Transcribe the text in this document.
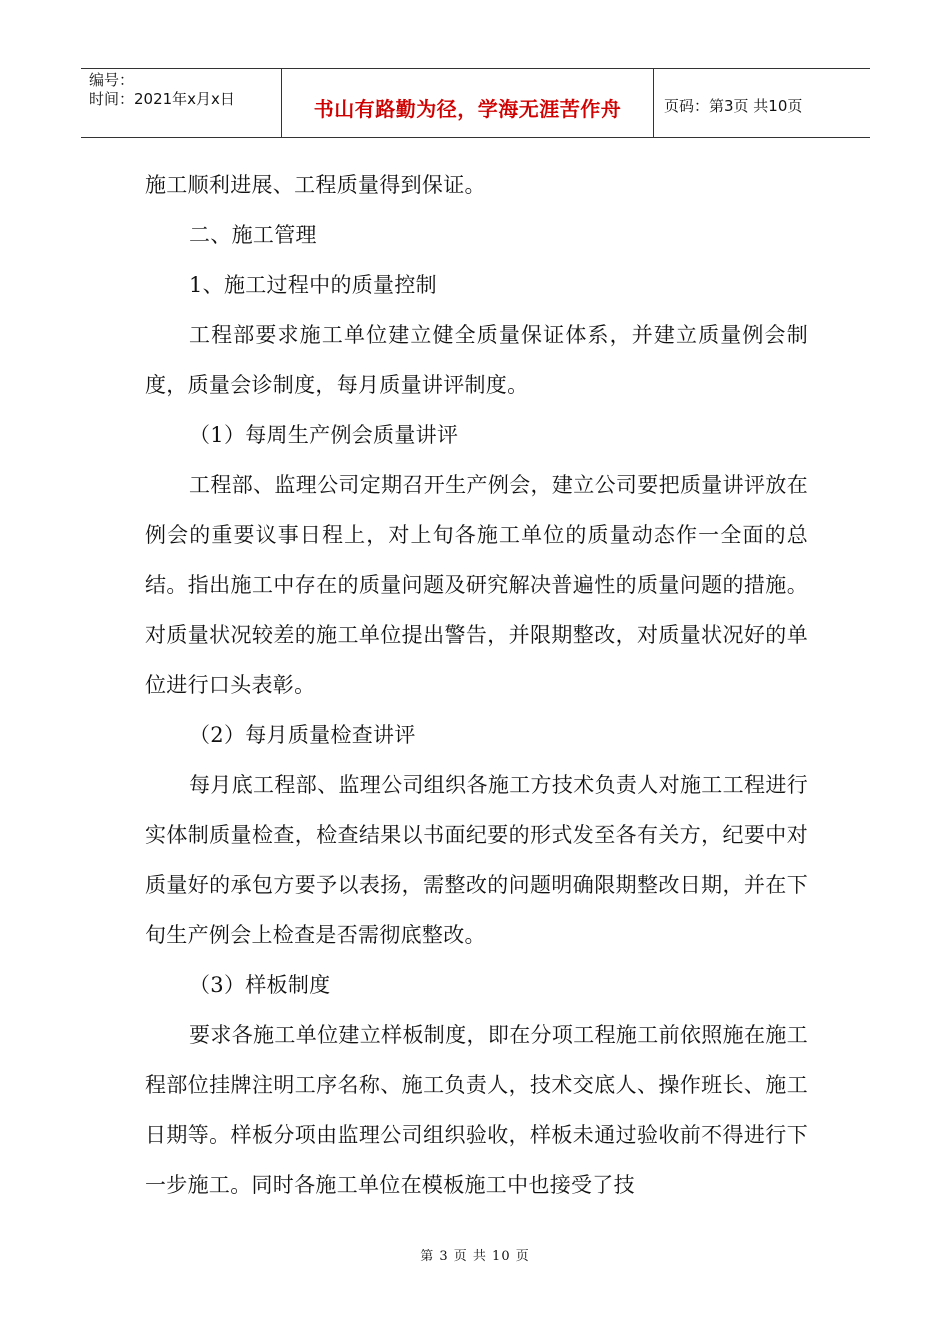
编号：
时间：2021年x月x日	书山有路勤为径，学海无涯苦作舟	页码：第3页 共10页

施工顺利进展、工程质量得到保证。

二、施工管理

1、施工过程中的质量控制

工程部要求施工单位建立健全质量保证体系，并建立质量例会制度，质量会诊制度，每月质量讲评制度。

（1）每周生产例会质量讲评

工程部、监理公司定期召开生产例会，建立公司要把质量讲评放在例会的重要议事日程上，对上旬各施工单位的质量动态作一全面的总结。指出施工中存在的质量问题及研究解决普遍性的质量问题的措施。对质量状况较差的施工单位提出警告，并限期整改，对质量状况好的单位进行口头表彰。

（2）每月质量检查讲评

每月底工程部、监理公司组织各施工方技术负责人对施工工程进行实体制质量检查，检查结果以书面纪要的形式发至各有关方，纪要中对质量好的承包方要予以表扬，需整改的问题明确限期整改日期，并在下旬生产例会上检查是否需彻底整改。

（3）样板制度

要求各施工单位建立样板制度，即在分项工程施工前依照施在施工程部位挂牌注明工序名称、施工负责人，技术交底人、操作班长、施工日期等。样板分项由监理公司组织验收，样板未通过验收前不得进行下一步施工。同时各施工单位在模板施工中也接受了技

第 3 页 共 10 页
